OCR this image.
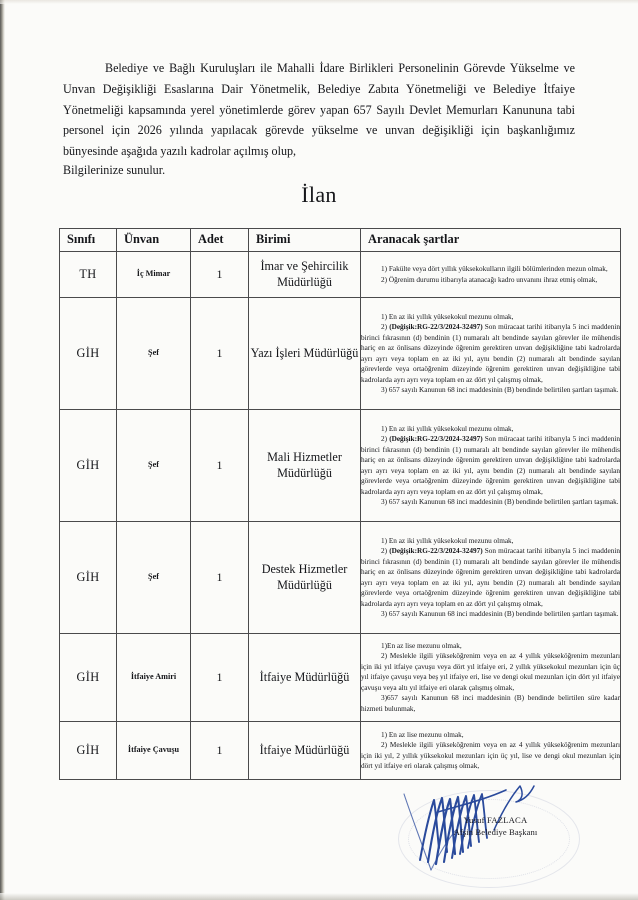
Belediye ve Bağlı Kuruluşları ile Mahalli İdare Birlikleri Personelinin Görevde Yükselme ve Unvan Değişikliği Esaslarına Dair Yönetmelik, Belediye Zabıta Yönetmeliği ve Belediye İtfaiye Yönetmeliği kapsamında yerel yönetimlerde görev yapan 657 Sayılı Devlet Memurları Kanununa tabi personel için 2026 yılında yapılacak görevde yükselme ve unvan değişikliği için başkanlığımız bünyesinde aşağıda yazılı kadrolar açılmış olup,
Bilgilerinize sunulur.
İlan
Sınıfı	Ünvan	Adet	Birimi	Aranacak şartlar
TH	İç Mimar	1	İmar ve Şehircilik Müdürlüğü	1) Fakülte veya dört yıllık yüksekokulların ilgili bölümlerinden mezun olmak,

2) Öğrenim durumu itibarıyla atanacağı kadro unvanını ihraz etmiş olmak,

GİH	Şef	1	Yazı İşleri Müdürlüğü	1) En az iki yıllık yüksekokul mezunu olmak,

2) (Değişik:RG-22/3/2024-32497) Son müracaat tarihi itibarıyla 5 inci maddenin birinci fıkrasının (d) bendinin (1) numaralı alt bendinde sayılan görevler ile mühendis hariç en az önlisans düzeyinde öğrenim gerektiren unvan değişikliğine tabi kadrolarda ayrı ayrı veya toplam en az iki yıl, aynı bendin (2) numaralı alt bendinde sayılan görevlerde veya ortaöğrenim düzeyinde öğrenim gerektiren unvan değişikliğine tabi kadrolarda ayrı ayrı veya toplam en az dört yıl çalışmış olmak,

3) 657 sayılı Kanunun 68 inci maddesinin (B) bendinde belirtilen şartları taşımak.

GİH	Şef	1	Mali Hizmetler Müdürlüğü	1) En az iki yıllık yüksekokul mezunu olmak,

2) (Değişik:RG-22/3/2024-32497) Son müracaat tarihi itibarıyla 5 inci maddenin birinci fıkrasının (d) bendinin (1) numaralı alt bendinde sayılan görevler ile mühendis hariç en az önlisans düzeyinde öğrenim gerektiren unvan değişikliğine tabi kadrolarda ayrı ayrı veya toplam en az iki yıl, aynı bendin (2) numaralı alt bendinde sayılan görevlerde veya ortaöğrenim düzeyinde öğrenim gerektiren unvan değişikliğine tabi kadrolarda ayrı ayrı veya toplam en az dört yıl çalışmış olmak,

3) 657 sayılı Kanunun 68 inci maddesinin (B) bendinde belirtilen şartları taşımak.

GİH	Şef	1	Destek Hizmetler Müdürlüğü	1) En az iki yıllık yüksekokul mezunu olmak,

2) (Değişik:RG-22/3/2024-32497) Son müracaat tarihi itibarıyla 5 inci maddenin birinci fıkrasının (d) bendinin (1) numaralı alt bendinde sayılan görevler ile mühendis hariç en az önlisans düzeyinde öğrenim gerektiren unvan değişikliğine tabi kadrolarda ayrı ayrı veya toplam en az iki yıl, aynı bendin (2) numaralı alt bendinde sayılan görevlerde veya ortaöğrenim düzeyinde öğrenim gerektiren unvan değişikliğine tabi kadrolarda ayrı ayrı veya toplam en az dört yıl çalışmış olmak,

3) 657 sayılı Kanunun 68 inci maddesinin (B) bendinde belirtilen şartları taşımak.

GİH	İtfaiye Amiri	1	İtfaiye Müdürlüğü	1)En az lise mezunu olmak,

2) Meslekle ilgili yükseköğrenim veya en az 4 yıllık yükseköğrenim mezunları için iki yıl itfaiye çavuşu veya dört yıl itfaiye eri, 2 yıllık yüksekokul mezunları için üç yıl itfaiye çavuşu veya beş yıl itfaiye eri, lise ve dengi okul mezunları için dört yıl itfaiye çavuşu veya altı yıl itfaiye eri olarak çalışmış olmak,

3)657 sayılı Kanunun 68 inci maddesinin (B) bendinde belirtilen süre kadar hizmeti bulunmak,

GİH	İtfaiye Çavuşu	1	İtfaiye Müdürlüğü	1) En az lise mezunu olmak,

2) Meslekle ilgili yükseköğrenim veya en az 4 yıllık yükseköğrenim mezunları için iki yıl, 2 yıllık yüksekokul mezunları için üç yıl, lise ve dengi okul mezunları için dört yıl itfaiye eri olarak çalışmış olmak,

Yusuf FAZLACA
Afşin Belediye Başkanı
